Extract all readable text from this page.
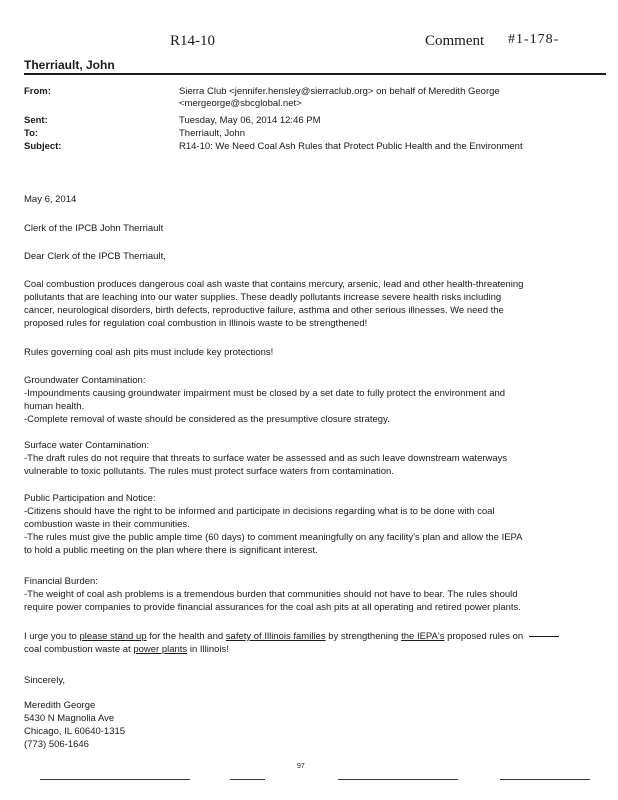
R14-10	Comment #1-178-
Therriault, John
From:	Sierra Club <jennifer.hensley@sierraclub.org> on behalf of Meredith George
<mergeorge@sbcglobal.net>
Sent:	Tuesday, May 06, 2014 12:46 PM
To:	Therriault, John
Subject:	R14-10: We Need Coal Ash Rules that Protect Public Health and the Environment
May 6, 2014
Clerk of the IPCB John Therriault
Dear Clerk of the IPCB Therriault,
Coal combustion produces dangerous coal ash waste that contains mercury, arsenic, lead and other health-threatening
pollutants that are leaching into our water supplies. These deadly pollutants increase severe health risks including
cancer, neurological disorders, birth defects, reproductive failure, asthma and other serious illnesses. We need the
proposed rules for regulation coal combustion in Illinois waste to be strengthened!
Rules governing coal ash pits must include key protections!
Groundwater Contamination:
-Impoundments causing groundwater impairment must be closed by a set date to fully protect the environment and
human health.
-Complete removal of waste should be considered as the presumptive closure strategy.
Surface water Contamination:
-The draft rules do not require that threats to surface water be assessed and as such leave downstream waterways
vulnerable to toxic pollutants. The rules must protect surface waters from contamination.
Public Participation and Notice:
-Citizens should have the right to be informed and participate in decisions regarding what is to be done with coal
combustion waste in their communities.
-The rules must give the public ample time (60 days) to comment meaningfully on any facility's plan and allow the IEPA
to hold a public meeting on the plan where there is significant interest.
Financial Burden:
-The weight of coal ash problems is a tremendous burden that communities should not have to bear. The rules should
require power companies to provide financial assurances for the coal ash pits at all operating and retired power plants.
I urge you to please stand up for the health and safety of Illinois families by strengthening the IEPA's proposed rules on
coal combustion waste at power plants in Illinois!
Sincerely,
Meredith George
5430 N Magnolia Ave
Chicago, IL 60640-1315
(773) 506-1646
97
